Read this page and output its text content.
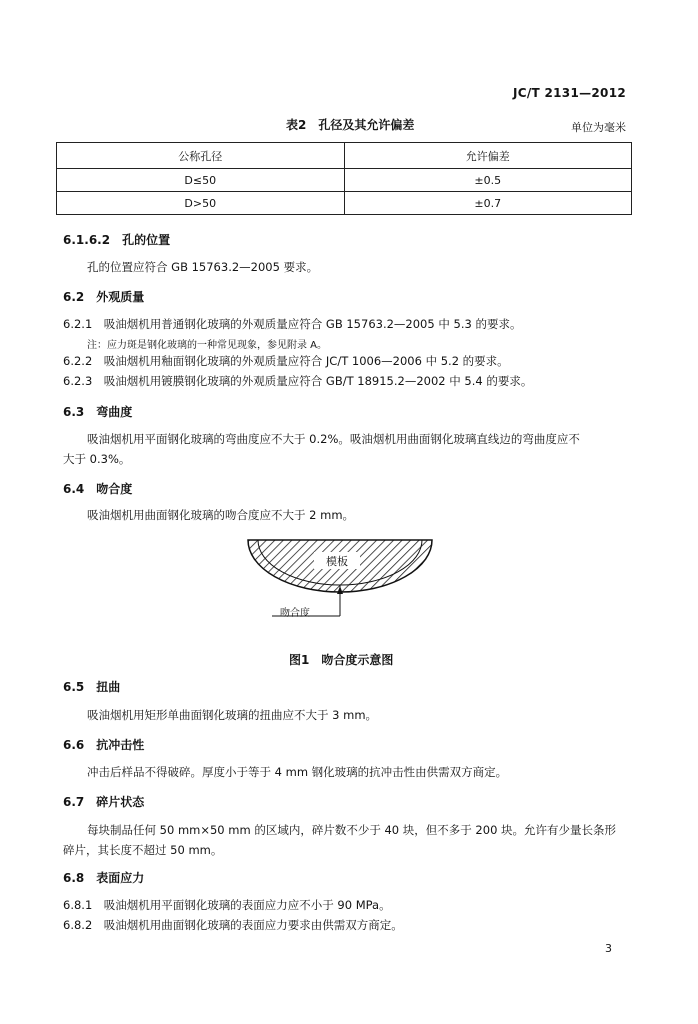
JC/T 2131—2012
表2　孔径及其允许偏差	单位为毫米
公称孔径	允许偏差
D≤50	±0.5
D>50	±0.7
6.1.6.2　孔的位置
孔的位置应符合 GB 15763.2—2005 要求。
6.2　外观质量
6.2.1　吸油烟机用普通钢化玻璃的外观质量应符合 GB 15763.2—2005 中 5.3 的要求。
注：应力斑是钢化玻璃的一种常见现象，参见附录 A。
6.2.2　吸油烟机用釉面钢化玻璃的外观质量应符合 JC/T 1006—2006 中 5.2 的要求。
6.2.3　吸油烟机用镀膜钢化玻璃的外观质量应符合 GB/T 18915.2—2002 中 5.4 的要求。
6.3　弯曲度
吸油烟机用平面钢化玻璃的弯曲度应不大于 0.2%。吸油烟机用曲面钢化玻璃直线边的弯曲度应不
大于 0.3%。
6.4　吻合度
吸油烟机用曲面钢化玻璃的吻合度应不大于 2 mm。
模板
吻合度
图1　吻合度示意图
6.5　扭曲
吸油烟机用矩形单曲面钢化玻璃的扭曲应不大于 3 mm。
6.6　抗冲击性
冲击后样品不得破碎。厚度小于等于 4 mm 钢化玻璃的抗冲击性由供需双方商定。
6.7　碎片状态
每块制品任何 50 mm×50 mm 的区域内，碎片数不少于 40 块，但不多于 200 块。允许有少量长条形
碎片，其长度不超过 50 mm。
6.8　表面应力
6.8.1　吸油烟机用平面钢化玻璃的表面应力应不小于 90 MPa。
6.8.2　吸油烟机用曲面钢化玻璃的表面应力要求由供需双方商定。
3
